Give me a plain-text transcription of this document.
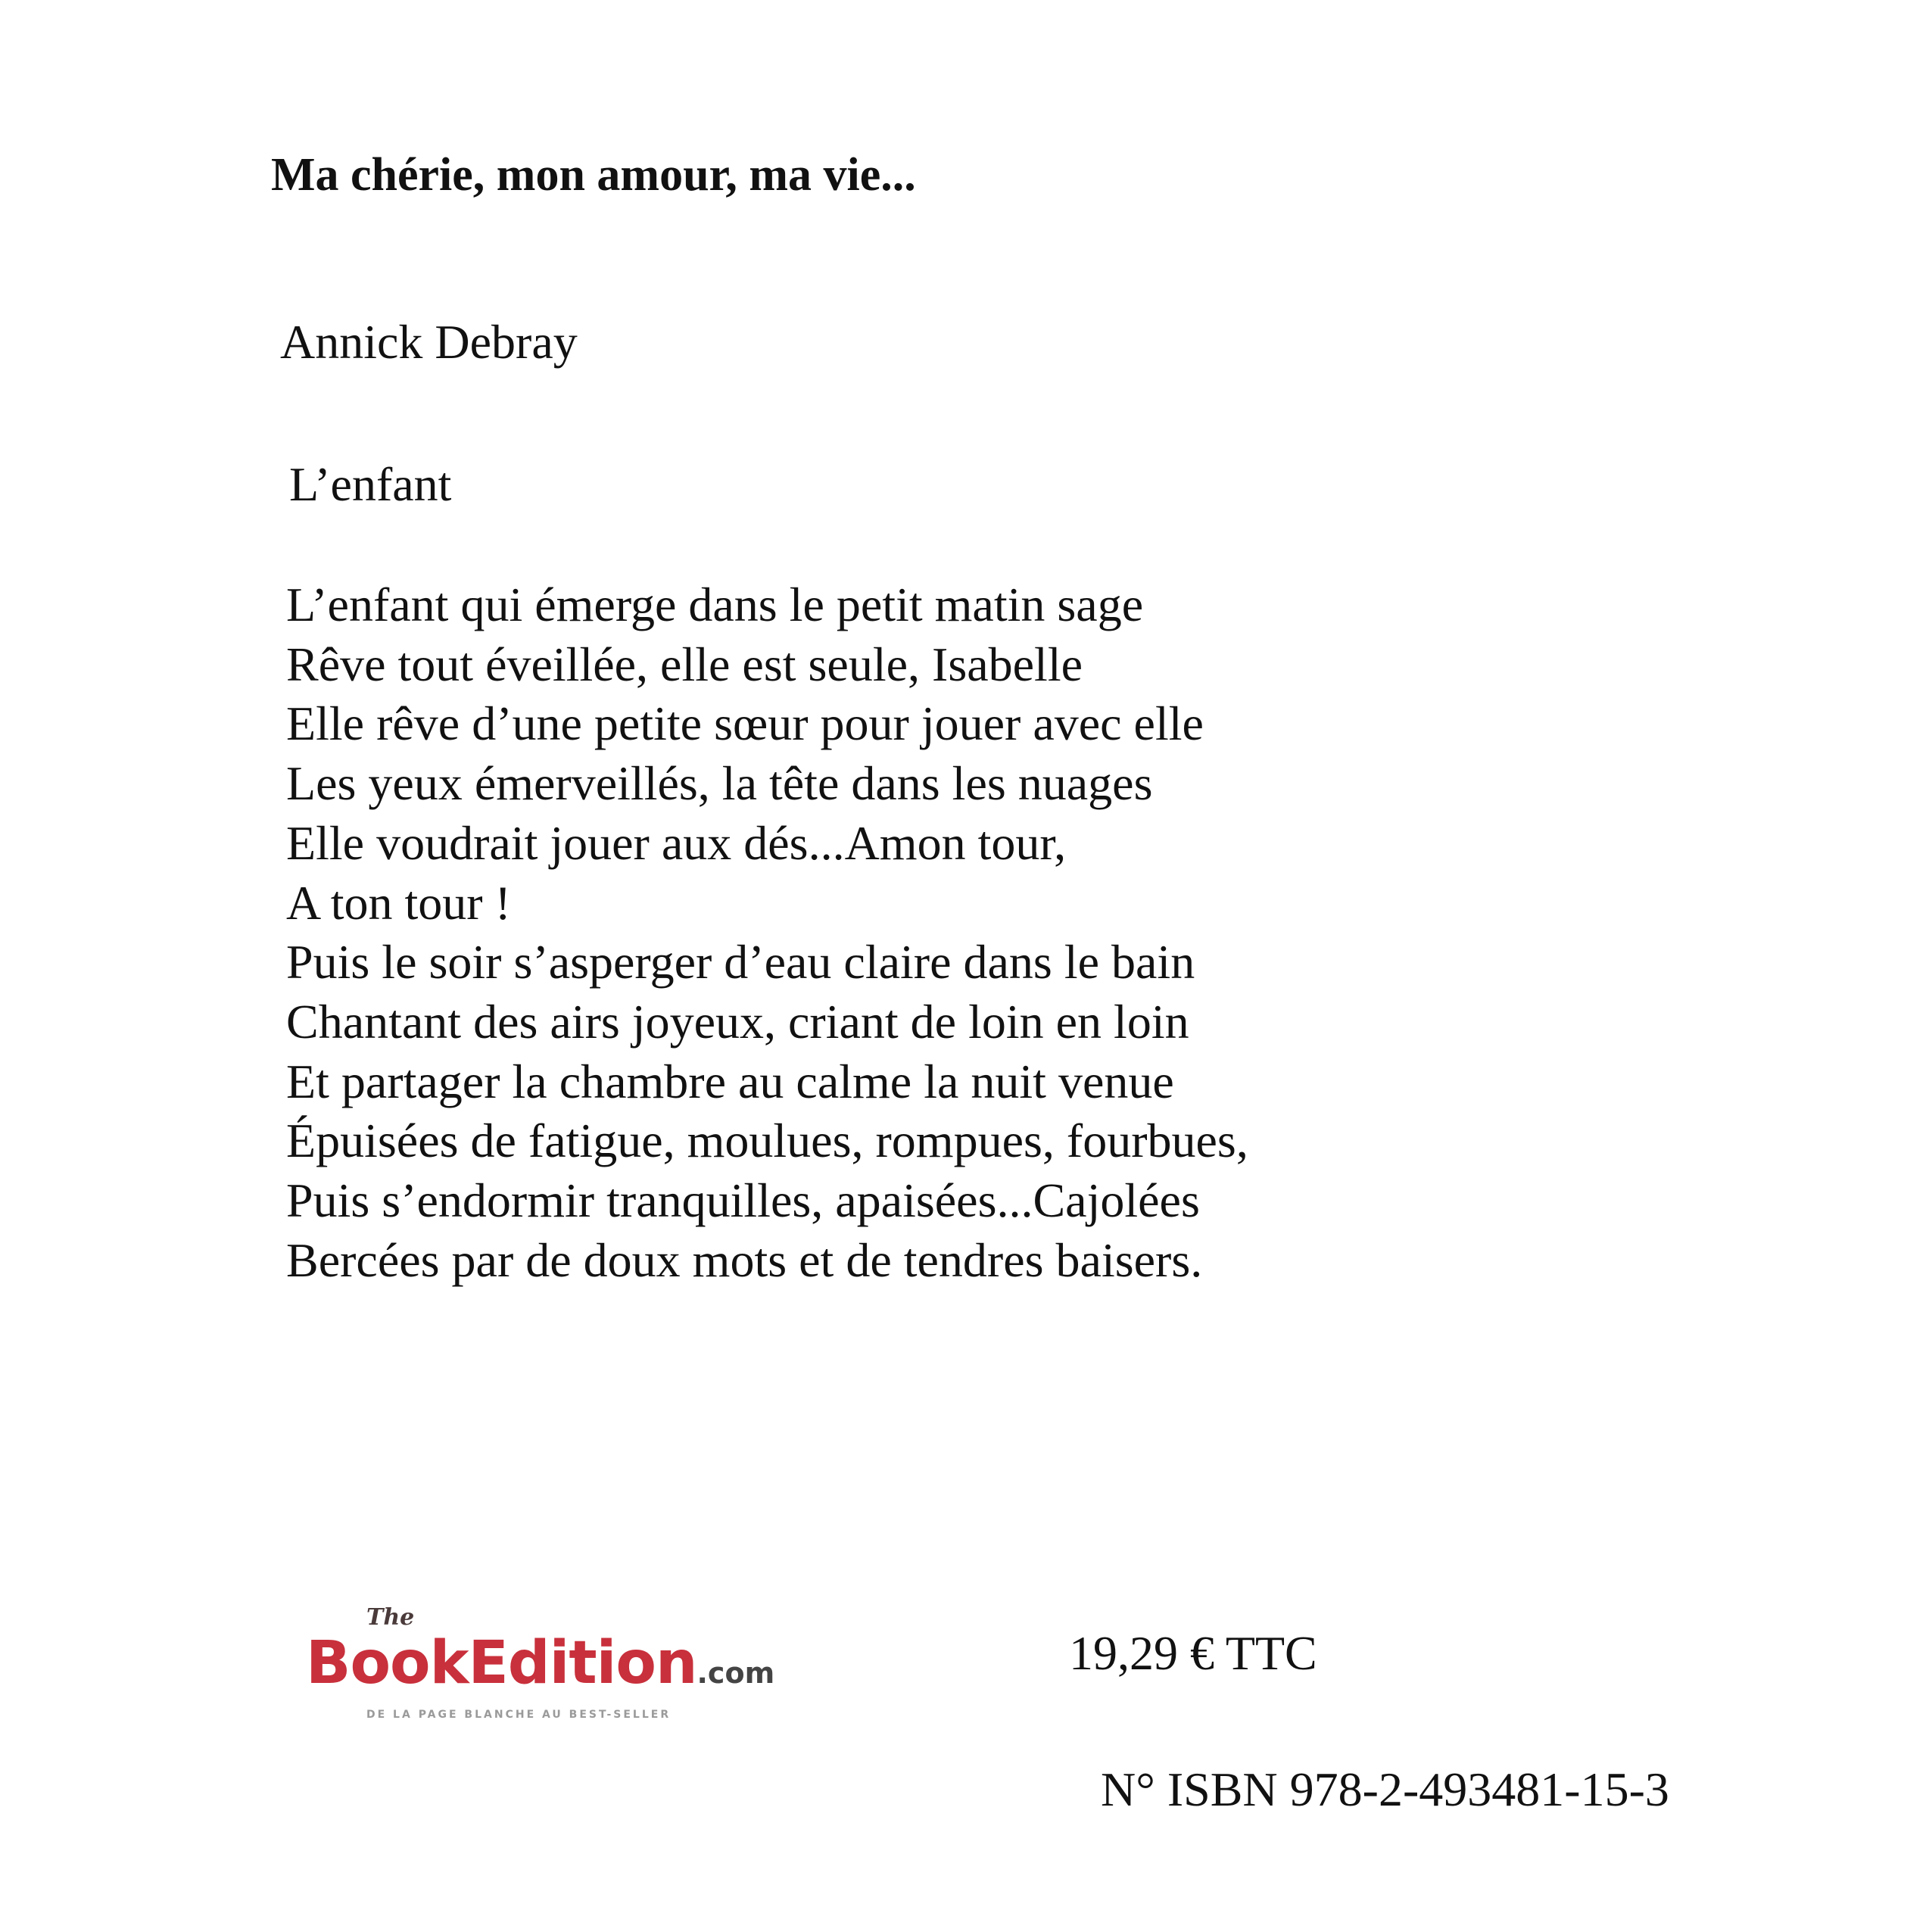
Ma chérie, mon amour, ma vie...

Annick Debray

L’enfant

L’enfant qui émerge dans le petit matin sage
Rêve tout éveillée, elle est seule, Isabelle
Elle rêve d’une petite sœur pour jouer avec elle
Les yeux émerveillés, la tête dans les nuages
Elle voudrait jouer aux dés...Amon tour,
A ton tour !
Puis le soir s’asperger d’eau claire dans le bain
Chantant des airs joyeux, criant de loin en loin
Et partager la chambre au calme la nuit venue
Épuisées de fatigue, moulues, rompues, fourbues,
Puis s’endormir tranquilles, apaisées...Cajolées
Bercées par de doux mots et de tendres baisers.
The
BookEdition.com
DE LA PAGE BLANCHE AU BEST-SELLER

19,29 € TTC

N° ISBN 978-2-493481-15-3
